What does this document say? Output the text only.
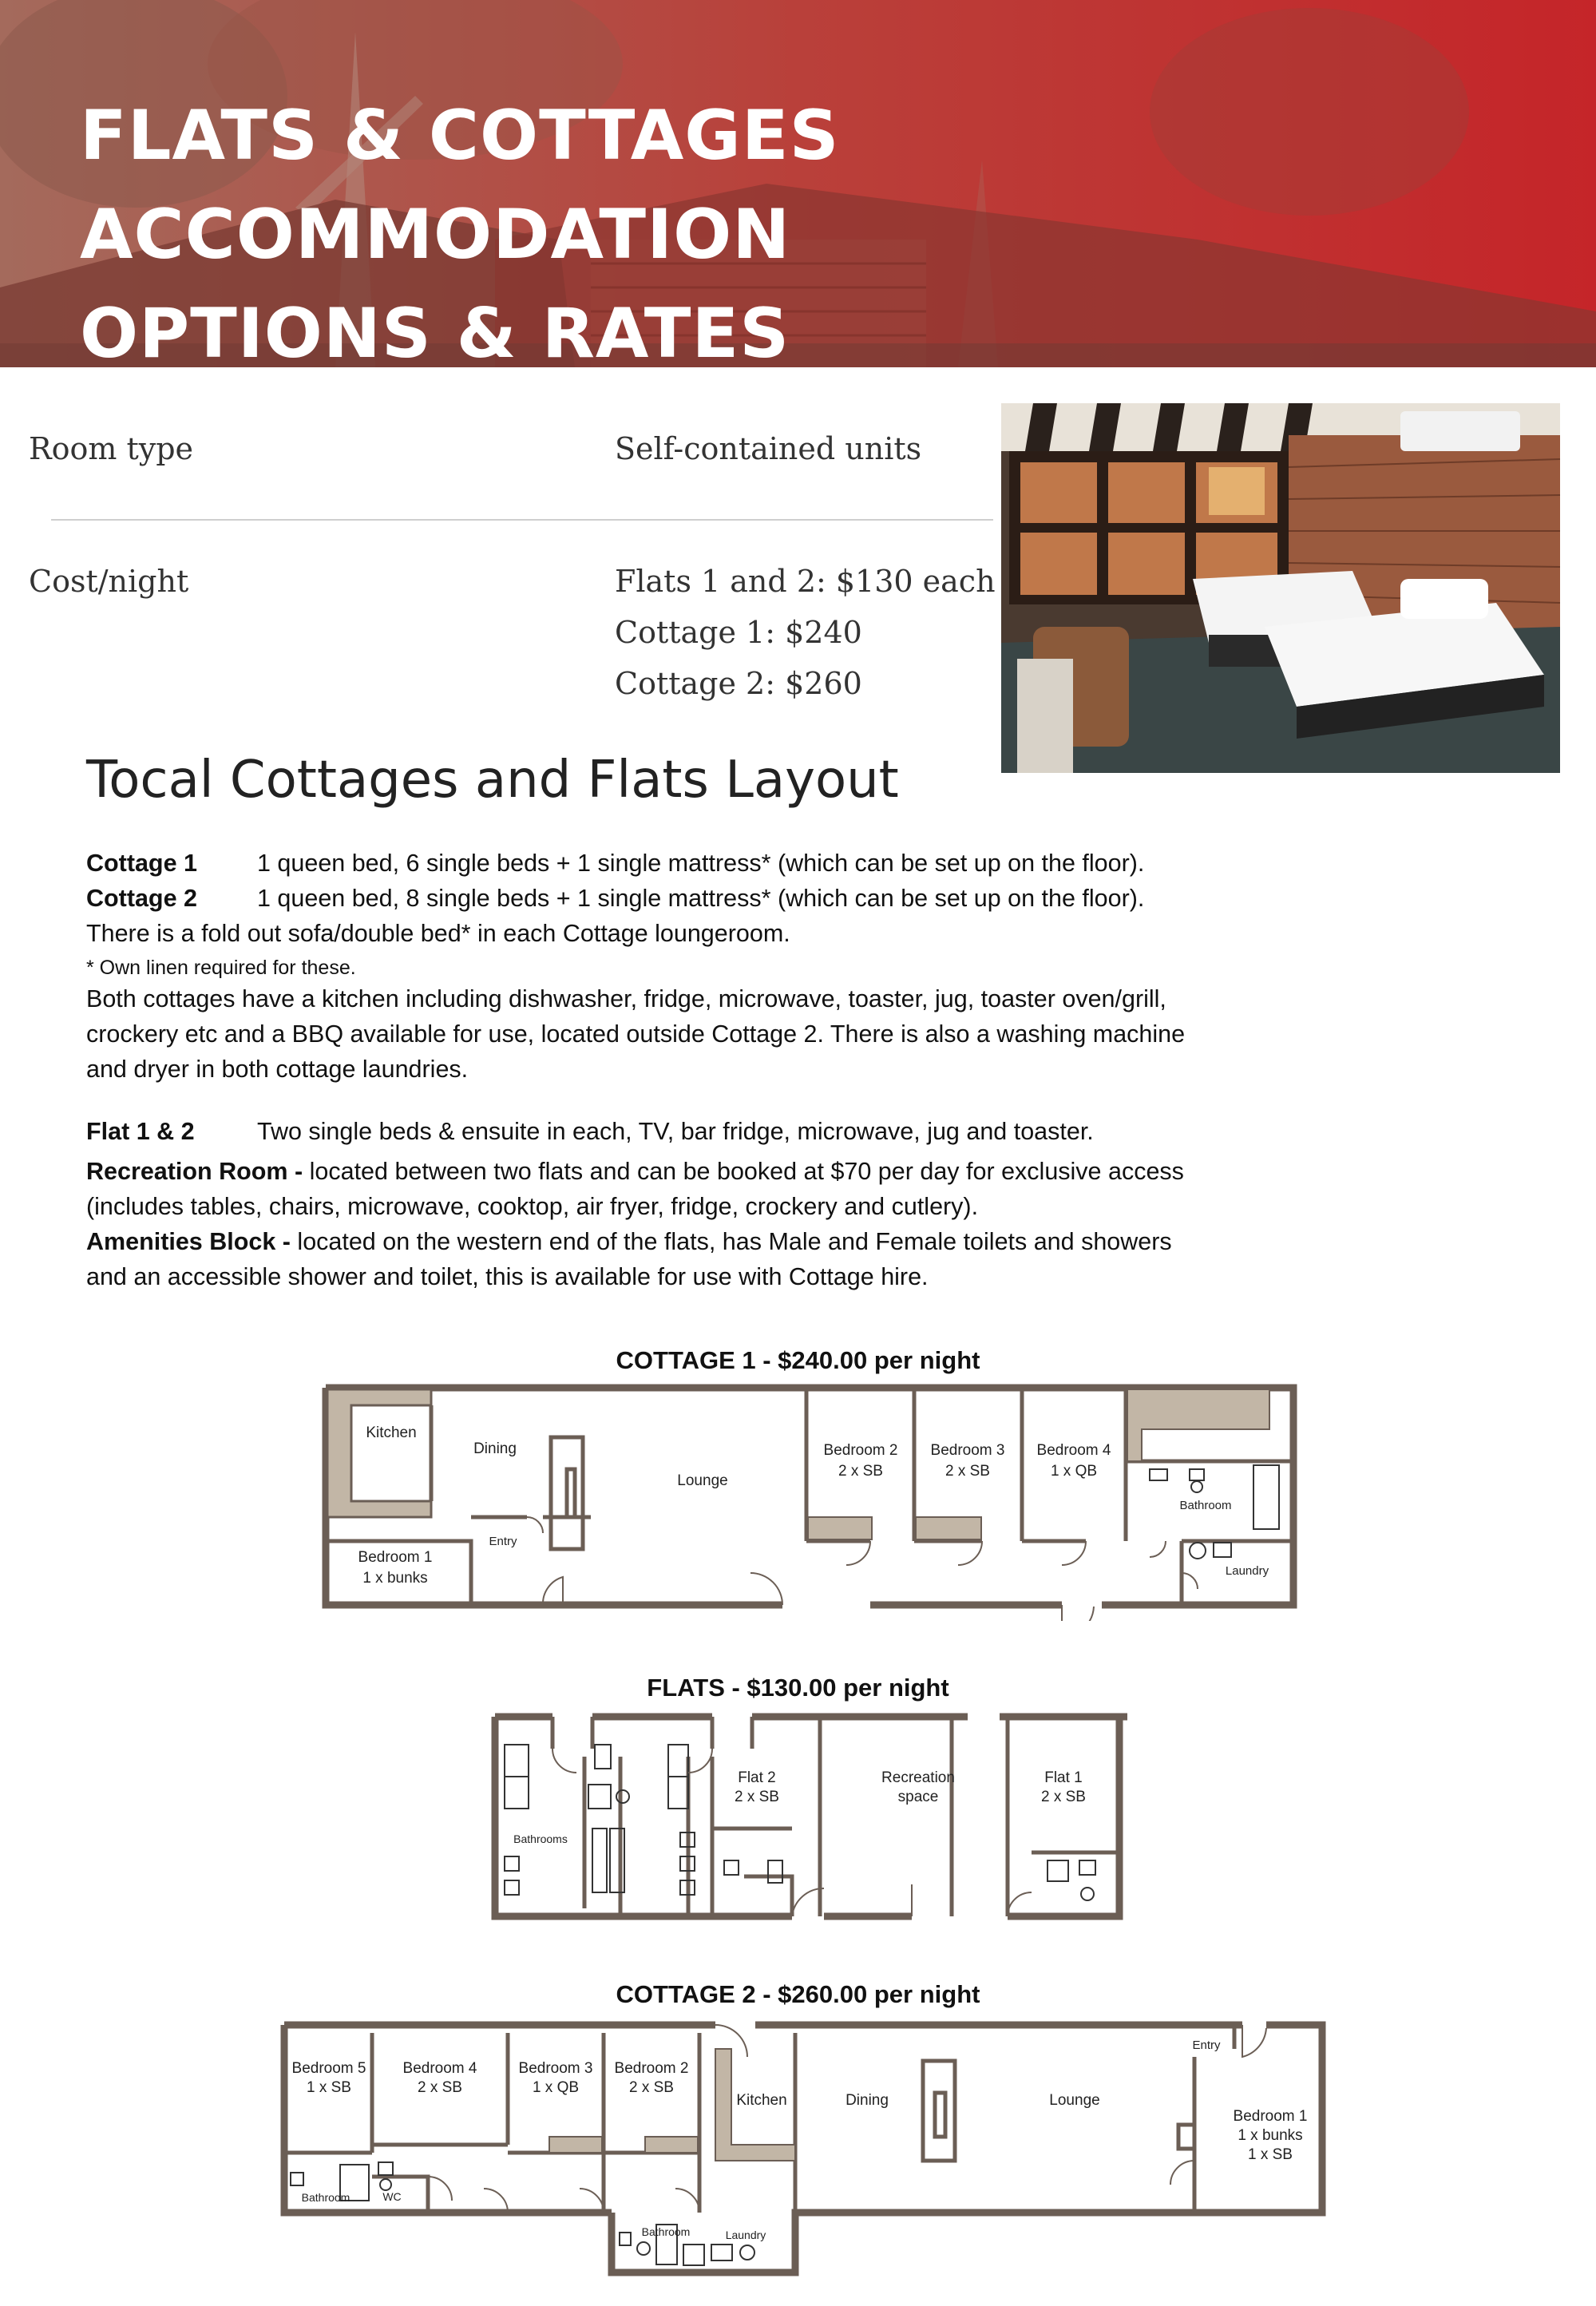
FLATS & COTTAGES ACCOMMODATION
OPTIONS & RATES
Room type	Self-contained units
Cost/night	Flats 1 and 2: $130 each
Cottage 1: $240
Cottage 2: $260
Tocal Cottages and Flats Layout
Cottage 1 1 queen bed, 6 single beds + 1 single mattress* (which can be set up on the floor).
Cottage 2 1 queen bed, 8 single beds + 1 single mattress* (which can be set up on the floor).
There is a fold out sofa/double bed* in each Cottage loungeroom.
* Own linen required for these.
Both cottages have a kitchen including dishwasher, fridge, microwave, toaster, jug, toaster oven/grill,
crockery etc and a BBQ available for use, located outside Cottage 2. There is also a washing machine
and dryer in both cottage laundries.
Flat 1 & 2	Two single beds & ensuite in each, TV, bar fridge, microwave, jug and toaster.
Recreation Room - located between two flats and can be booked at $70 per day for exclusive access
(includes tables, chairs, microwave, cooktop, air fryer, fridge, crockery and cutlery).
Amenities Block - located on the western end of the flats, has Male and Female toilets and showers
and an accessible shower and toilet, this is available for use with Cottage hire.
COTTAGE 1 - $240.00 per night
Kitchen
Dining
Lounge
Entry
Bedroom 1
1 x bunks
Bedroom 2
2 x SB
Bedroom 3
2 x SB
Bedroom 4
1 x QB
Bathroom
Laundry
FLATS - $130.00 per night
Bathrooms
Flat 2
2 x SB
Recreation
space
Flat 1
2 x SB
COTTAGE 2 - $260.00 per night
Bedroom 5
1 x SB
Bedroom 4
2 x SB
Bedroom 3
1 x QB
Bedroom 2
2 x SB
Kitchen	Dining	Lounge
Entry
Bedroom 1
1 x bunks
1 x SB
Bathroom	WC
Bathroom	Laundry
